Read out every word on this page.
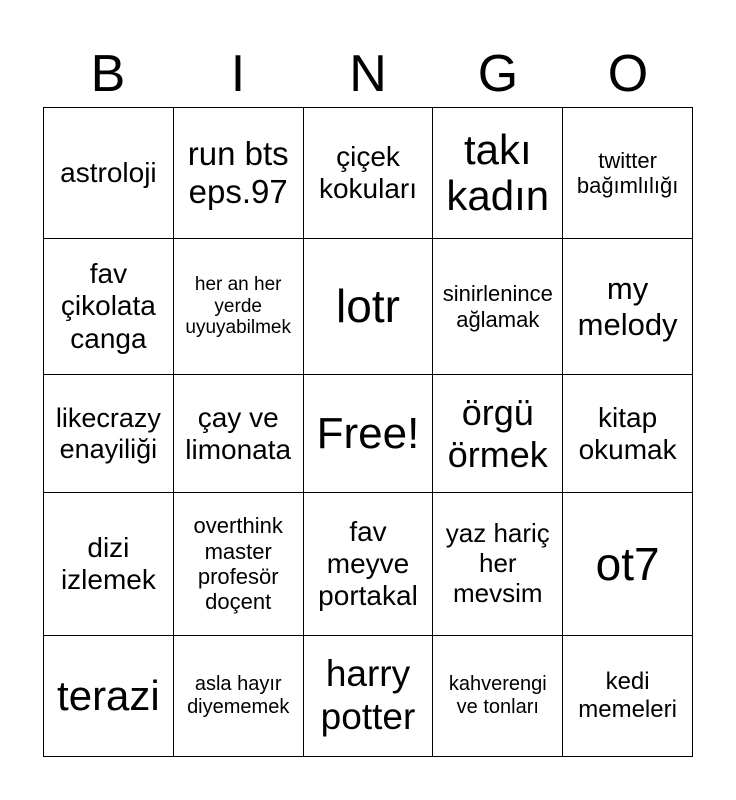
B	I	N	G	O
astroloji	run bts eps.97	çiçek kokuları	takı kadın	twitter bağımlılığı

fav çikolata canga	her an her yerde uyuyabilmek	lotr	sinirlenince ağlamak	my melody

likecrazy enayiliği	çay ve limonata	Free!	örgü örmek	kitap okumak

dizi izlemek	overthink master profesör doçent	fav meyve portakal	yaz hariç her mevsim	ot7

terazi	asla hayır diyememek	harry potter	kahverengi ve tonları	kedi memeleri
